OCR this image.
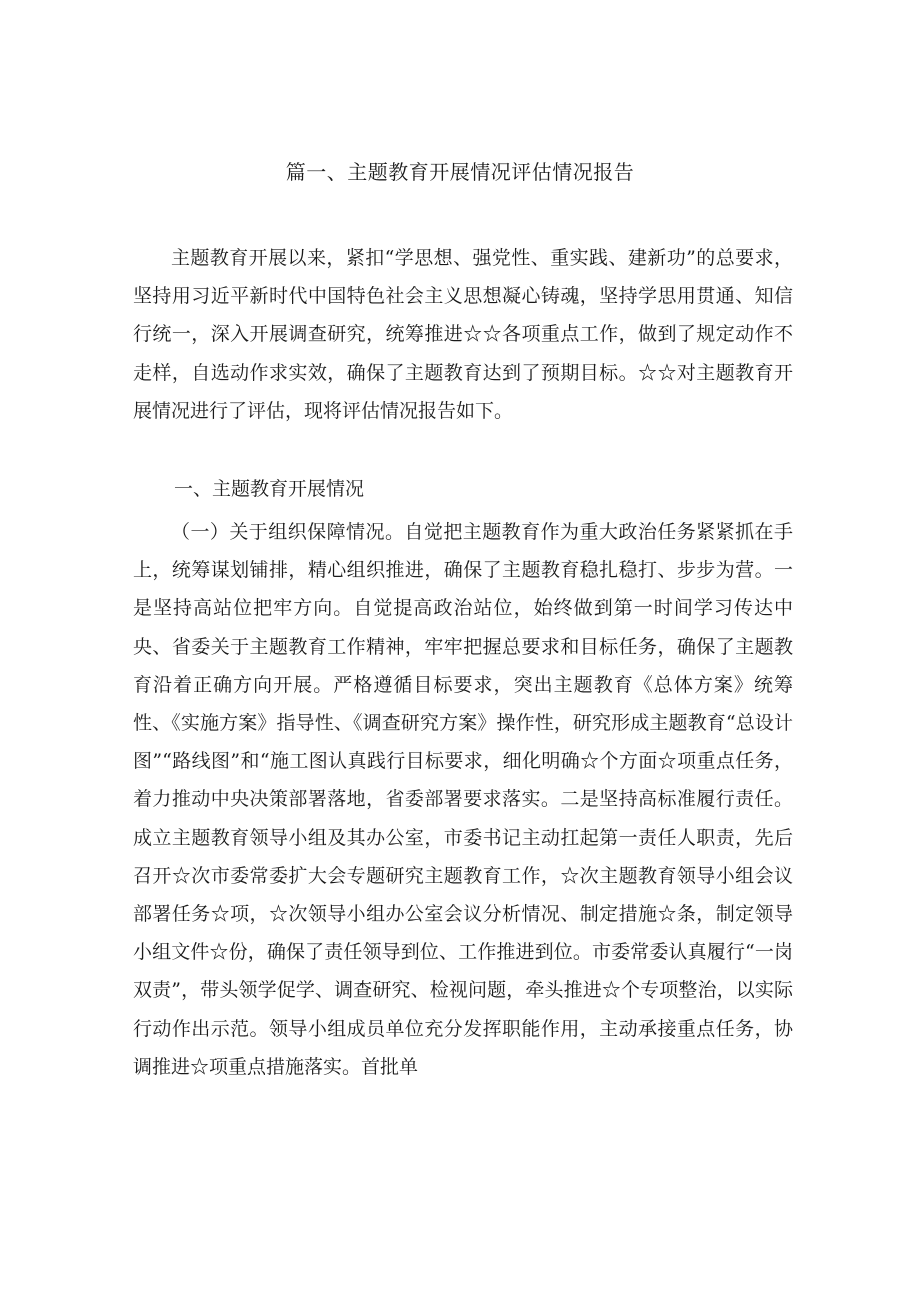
篇一、主题教育开展情况评估情况报告

主题教育开展以来，紧扣“学思想、强党性、重实践、建新功”的总要求，坚持用习近平新时代中国特色社会主义思想凝心铸魂，坚持学思用贯通、知信行统一，深入开展调查研究，统筹推进☆☆各项重点工作，做到了规定动作不走样，自选动作求实效，确保了主题教育达到了预期目标。☆☆对主题教育开展情况进行了评估，现将评估情况报告如下。

一、主题教育开展情况

（一）关于组织保障情况。自觉把主题教育作为重大政治任务紧紧抓在手上，统筹谋划铺排，精心组织推进，确保了主题教育稳扎稳打、步步为营。一是坚持高站位把牢方向。自觉提高政治站位，始终做到第一时间学习传达中央、省委关于主题教育工作精神，牢牢把握总要求和目标任务，确保了主题教育沿着正确方向开展。严格遵循目标要求，突出主题教育《总体方案》统筹性、《实施方案》指导性、《调查研究方案》操作性，研究形成主题教育“总设计图”“路线图”和“施工图认真践行目标要求，细化明确☆个方面☆项重点任务，着力推动中央决策部署落地，省委部署要求落实。二是坚持高标准履行责任。成立主题教育领导小组及其办公室，市委书记主动扛起第一责任人职责，先后召开☆次市委常委扩大会专题研究主题教育工作，☆次主题教育领导小组会议部署任务☆项，☆次领导小组办公室会议分析情况、制定措施☆条，制定领导小组文件☆份，确保了责任领导到位、工作推进到位。市委常委认真履行“一岗双责”，带头领学促学、调查研究、检视问题，牵头推进☆个专项整治，以实际行动作出示范。领导小组成员单位充分发挥职能作用，主动承接重点任务，协调推进☆项重点措施落实。首批单
